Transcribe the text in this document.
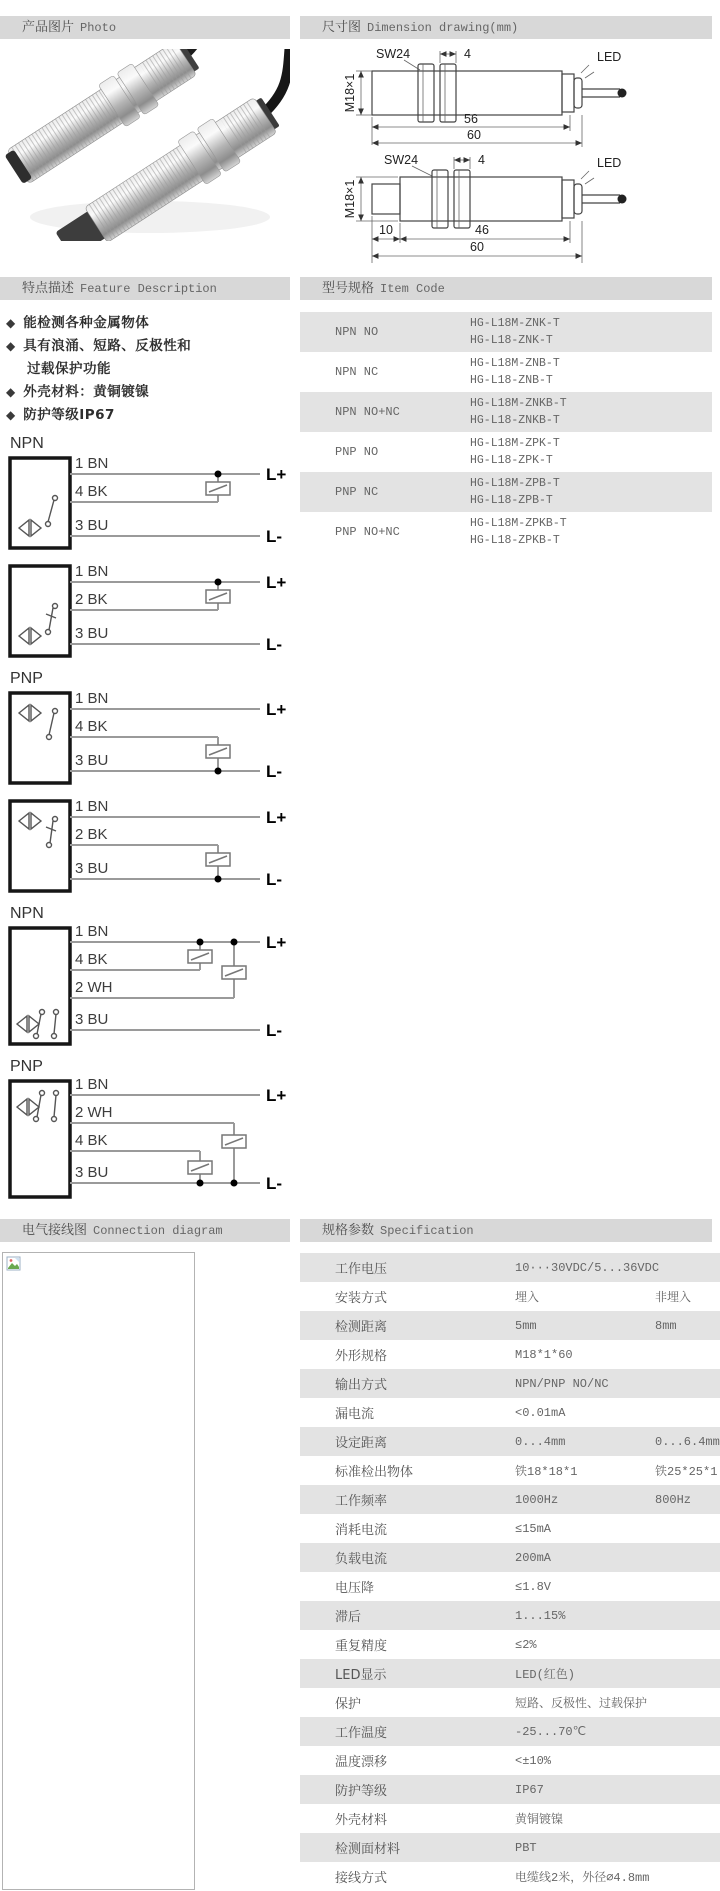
产品图片 Photo	尺寸图 Dimension drawing(mm)
SW24	4	LED
M18×1
56
60
SW24	4	LED
M18×1
10	46
60
特点描述 Feature Description	型号规格 Item Code
◆ 能检测各种金属物体
◆ 具有浪涌、短路、反极性和
过载保护功能
◆ 外壳材料：黄铜镀镍
◆ 防护等级IP67
NPN
1 BN
4 BK
3 BU
L+
L-
1 BN
2 BK
3 BU
L+
L-
PNP
1 BN
4 BK
3 BU
L+
L-
1 BN
2 BK
3 BU
L+
L-
NPN
1 BN
4 BK
2 WH
3 BU
L+
L-
PNP
1 BN
2 WH
4 BK
3 BU
L+
L-
NPN NO
HG-L18M-ZNK-T
HG-L18-ZNK-T
NPN NC
HG-L18M-ZNB-T
HG-L18-ZNB-T
NPN NO+NC
HG-L18M-ZNKB-T
HG-L18-ZNKB-T
PNP NO
HG-L18M-ZPK-T
HG-L18-ZPK-T
PNP NC
HG-L18M-ZPB-T
HG-L18-ZPB-T
PNP NO+NC
HG-L18M-ZPKB-T
HG-L18-ZPKB-T
电气接线图 Connection diagram	规格参数 Specification
工作电压	10···30VDC/5...36VDC
安装方式	埋入	非埋入
检测距离	5mm	8mm
外形规格	M18*1*60
输出方式	NPN/PNP NO/NC
漏电流	<0.01mA
设定距离	0...4mm	0...6.4mm
标准检出物体	铁18*18*1	铁25*25*1
工作频率	1000Hz	800Hz
消耗电流	≤15mA
负载电流	200mA
电压降	≤1.8V
滞后	1...15%
重复精度	≤2%
LED显示	LED(红色)
保护	短路、反极性、过载保护
工作温度	-25...70℃
温度漂移	<±10%
防护等级	IP67
外壳材料	黄铜镀镍
检测面材料	PBT
接线方式	电缆线2米，外径∅4.8mm
